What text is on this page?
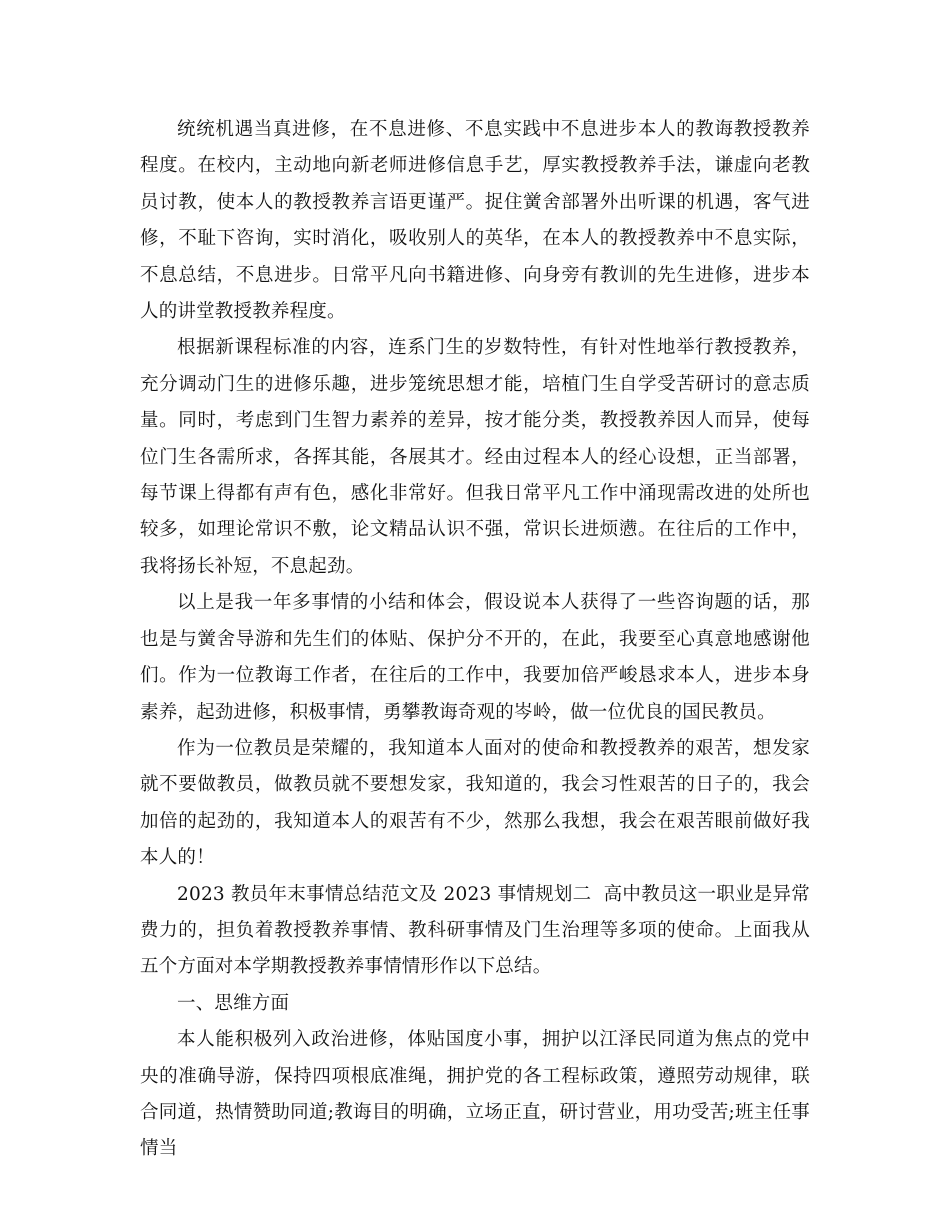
统统机遇当真进修，在不息进修、不息实践中不息进步本人的教诲教授教养程度。在校内，主动地向新老师进修信息手艺，厚实教授教养手法，谦虚向老教员讨教，使本人的教授教养言语更谨严。捉住黉舍部署外出听课的机遇，客气进修，不耻下咨询，实时消化，吸收别人的英华，在本人的教授教养中不息实际，不息总结，不息进步。日常平凡向书籍进修、向身旁有教训的先生进修，进步本人的讲堂教授教养程度。

根据新课程标准的内容，连系门生的岁数特性，有针对性地举行教授教养，充分调动门生的进修乐趣，进步笼统思想才能，培植门生自学受苦研讨的意志质量。同时，考虑到门生智力素养的差异，按才能分类，教授教养因人而异，使每位门生各需所求，各挥其能，各展其才。经由过程本人的经心设想，正当部署，每节课上得都有声有色，感化非常好。但我日常平凡工作中涌现需改进的处所也较多，如理论常识不敷，论文精品认识不强，常识长进烦懑。在往后的工作中，我将扬长补短，不息起劲。

以上是我一年多事情的小结和体会，假设说本人获得了一些咨询题的话，那也是与黉舍导游和先生们的体贴、保护分不开的，在此，我要至心真意地感谢他们。作为一位教诲工作者，在往后的工作中，我要加倍严峻恳求本人，进步本身素养，起劲进修，积极事情，勇攀教诲奇观的岑岭，做一位优良的国民教员。

作为一位教员是荣耀的，我知道本人面对的使命和教授教养的艰苦，想发家就不要做教员，做教员就不要想发家，我知道的，我会习性艰苦的日子的，我会加倍的起劲的，我知道本人的艰苦有不少，然那么我想，我会在艰苦眼前做好我本人的！

2023 教员年末事情总结范文及 2023 事情规划二  高中教员这一职业是异常费力的，担负着教授教养事情、教科研事情及门生治理等多项的使命。上面我从五个方面对本学期教授教养事情情形作以下总结。

一、思维方面

本人能积极列入政治进修，体贴国度小事，拥护以江泽民同道为焦点的党中央的准确导游，保持四项根底准绳，拥护党的各工程标政策，遵照劳动规律，联合同道，热情赞助同道;教诲目的明确，立场正直，研讨营业，用功受苦;班主任事情当
